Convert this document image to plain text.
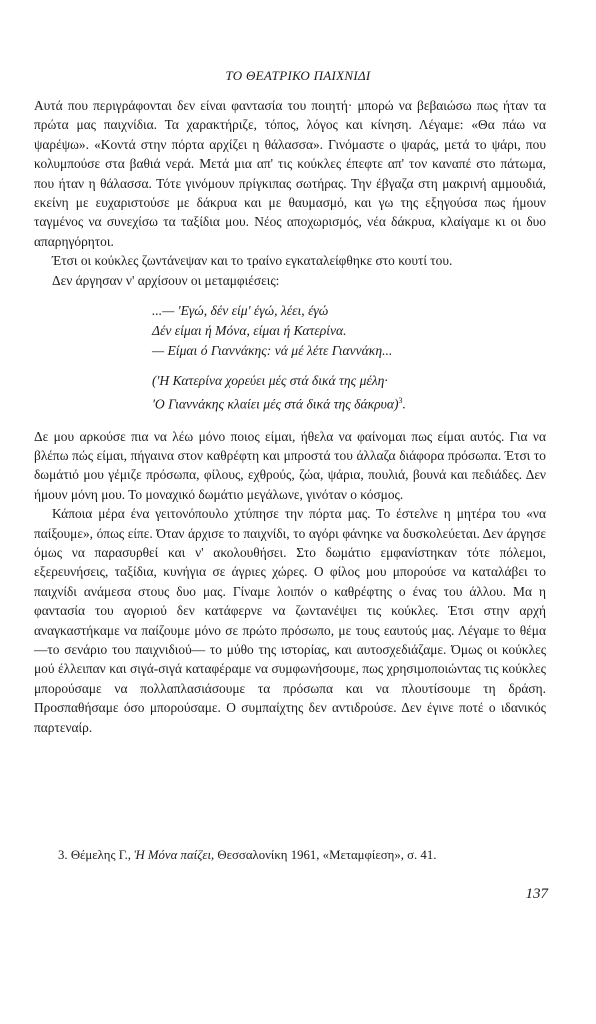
ΤΟ ΘΕΑΤΡΙΚΟ ΠΑΙΧΝΙΔΙ

Αυτά που περιγράφονται δεν είναι φαντασία του ποιητή· μπορώ να βεβαιώσω πως ήταν τα πρώτα μας παιχνίδια. Τα χαρακτήριζε, τόπος, λόγος και κίνηση. Λέγαμε: «Θα πάω να ψαρέψω». «Κοντά στην πόρτα αρχίζει η θάλασσα». Γινόμαστε ο ψαράς, μετά το ψάρι, που κολυμπούσε στα βαθιά νερά. Μετά μια απ' τις κούκλες έπεφτε απ' τον καναπέ στο πάτωμα, που ήταν η θάλασσα. Τότε γινόμουν πρίγκιπας σωτήρας. Την έβγαζα στη μακρινή αμμουδιά, εκείνη με ευχαριστούσε με δάκρυα και με θαυμασμό, και γω της εξηγούσα πως ήμουν ταγμένος να συνεχίσω τα ταξίδια μου. Νέος αποχωρισμός, νέα δάκρυα, κλαίγαμε κι οι δυο απαρηγόρητοι.

Έτσι οι κούκλες ζωντάνεψαν και το τραίνο εγκαταλείφθηκε στο κουτί του.

Δεν άργησαν ν' αρχίσουν οι μεταμφιέσεις:

...— 'Εγώ, δέν είμ' έγώ, λέει, έγώ
Δέν είμαι ή Μόνα, είμαι ή Κατερίνα.
— Είμαι ό Γιαννάκης: νά μέ λέτε Γιαννάκη...
('Η Κατερίνα χορεύει μές στά δικά της μέλη·
'Ο Γιαννάκης κλαίει μές στά δικά της δάκρυα)$^3$.

Δε μου αρκούσε πια να λέω μόνο ποιος είμαι, ήθελα να φαίνομαι πως είμαι αυτός. Για να βλέπω πώς είμαι, πήγαινα στον καθρέφτη και μπροστά του άλλαζα διάφορα πρόσωπα. Έτσι το δωμάτιό μου γέμιζε πρόσωπα, φίλους, εχθρούς, ζώα, ψάρια, πουλιά, βουνά και πεδιάδες. Δεν ήμουν μόνη μου. Το μοναχικό δωμάτιο μεγάλωνε, γινόταν ο κόσμος.

Κάποια μέρα ένα γειτονόπουλο χτύπησε την πόρτα μας. Το έστελνε η μητέρα του «να παίξουμε», όπως είπε. Όταν άρχισε το παιχνίδι, το αγόρι φάνηκε να δυσκολεύεται. Δεν άργησε όμως να παρασυρθεί και ν' ακολουθήσει. Στο δωμάτιο εμφανίστηκαν τότε πόλεμοι, εξερευνήσεις, ταξίδια, κυνήγια σε άγριες χώρες. Ο φίλος μου μπορούσε να καταλάβει το παιχνίδι ανάμεσα στους δυο μας. Γίναμε λοιπόν ο καθρέφτης ο ένας του άλλου. Μα η φαντασία του αγοριού δεν κατάφερνε να ζωντανέψει τις κούκλες. Έτσι στην αρχή αναγκαστήκαμε να παίζουμε μόνο σε πρώτο πρόσωπο, με τους εαυτούς μας. Λέγαμε το θέμα —το σενάριο του παιχνιδιού— το μύθο της ιστορίας, και αυτοσχεδιάζαμε. Όμως οι κούκλες μού έλλειπαν και σιγά-σιγά καταφέραμε να συμφωνήσουμε, πως χρησιμοποιώντας τις κούκλες μπορούσαμε να πολλαπλασιάσουμε τα πρόσωπα και να πλουτίσουμε τη δράση. Προσπαθήσαμε όσο μπορούσαμε. Ο συμπαίχτης δεν αντιδρούσε. Δεν έγινε ποτέ ο ιδανικός παρτεναίρ.

3. Θέμελης Γ., Ἡ Μόνα παίζει, Θεσσαλονίκη 1961, «Μεταμφίεση», σ. 41.
137
